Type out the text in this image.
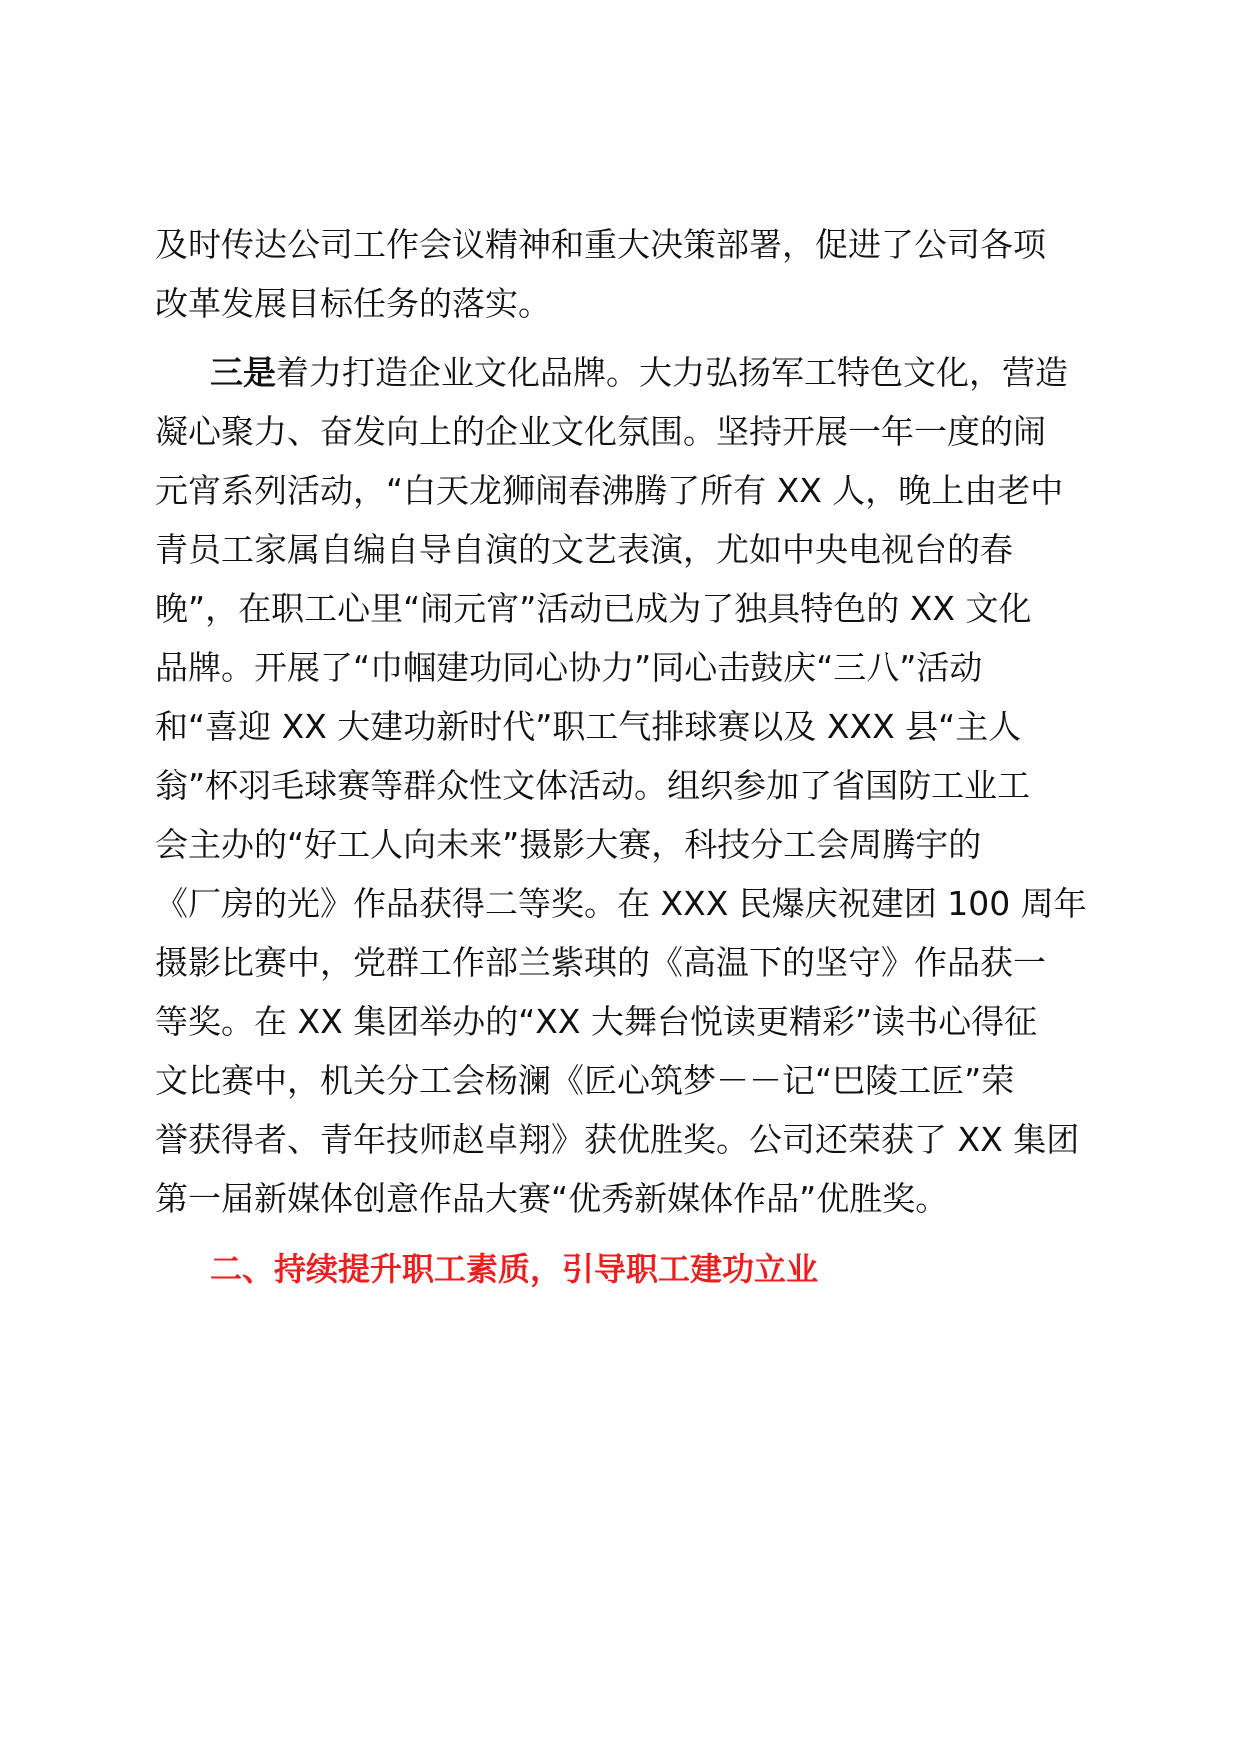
及时传达公司工作会议精神和重大决策部署，促进了公司各项
改革发展目标任务的落实。
三是着力打造企业文化品牌。大力弘扬军工特色文化，营造
凝心聚力、奋发向上的企业文化氛围。坚持开展一年一度的闹
元宵系列活动，“白天龙狮闹春沸腾了所有 XX 人，晚上由老中
青员工家属自编自导自演的文艺表演，尤如中央电视台的春
晚”，在职工心里“闹元宵”活动已成为了独具特色的 XX 文化
品牌。开展了“巾帼建功同心协力”同心击鼓庆“三八”活动
和“喜迎 XX 大建功新时代”职工气排球赛以及 XXX 县“主人
翁”杯羽毛球赛等群众性文体活动。组织参加了省国防工业工
会主办的“好工人向未来”摄影大赛，科技分工会周腾宇的
《厂房的光》作品获得二等奖。在 XXX 民爆庆祝建团 100 周年
摄影比赛中，党群工作部兰紫琪的《高温下的坚守》作品获一
等奖。在 XX 集团举办的“XX 大舞台悦读更精彩”读书心得征
文比赛中，机关分工会杨澜《匠心筑梦－－记“巴陵工匠”荣
誉获得者、青年技师赵卓翔》获优胜奖。公司还荣获了 XX 集团
第一届新媒体创意作品大赛“优秀新媒体作品”优胜奖。
二、持续提升职工素质，引导职工建功立业
